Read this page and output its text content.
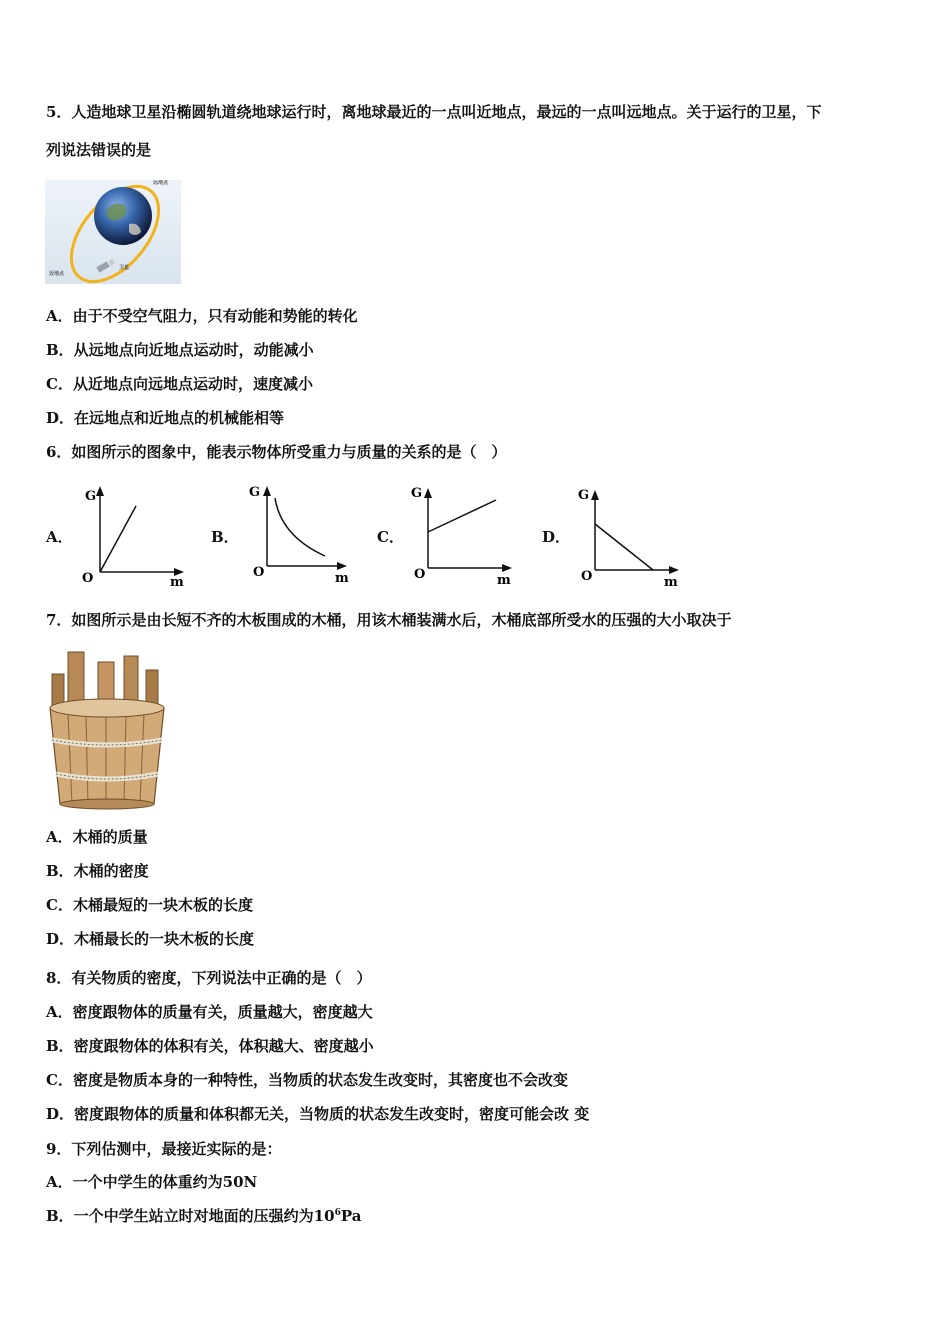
5．人造地球卫星沿椭圆轨道绕地球运行时，离地球最近的一点叫近地点，最远的一点叫远地点。关于运行的卫星，下
列说法错误的是
远地点
近地点
卫星
A．由于不受空气阻力，只有动能和势能的转化
B．从远地点向近地点运动时，动能减小
C．从近地点向远地点运动时，速度减小
D．在远地点和近地点的机械能相等
6．如图所示的图象中，能表示物体所受重力与质量的关系的是（　）
A．
G
O	m
B．
G
O	m
C．
G
O	m
D．
G
O	m
7．如图所示是由长短不齐的木板围成的木桶，用该木桶装满水后，木桶底部所受水的压强的大小取决于
A．木桶的质量
B．木桶的密度
C．木桶最短的一块木板的长度
D．木桶最长的一块木板的长度
8．有关物质的密度，下列说法中正确的是（　）
A．密度跟物体的质量有关，质量越大，密度越大
B．密度跟物体的体积有关，体积越大、密度越小
C．密度是物质本身的一种特性，当物质的状态发生改变时，其密度也不会改变
D．密度跟物体的质量和体积都无关，当物质的状态发生改变时，密度可能会改 变
9．下列估测中，最接近实际的是：
A．一个中学生的体重约为50N
B．一个中学生站立时对地面的压强约为$10^6Pa$
